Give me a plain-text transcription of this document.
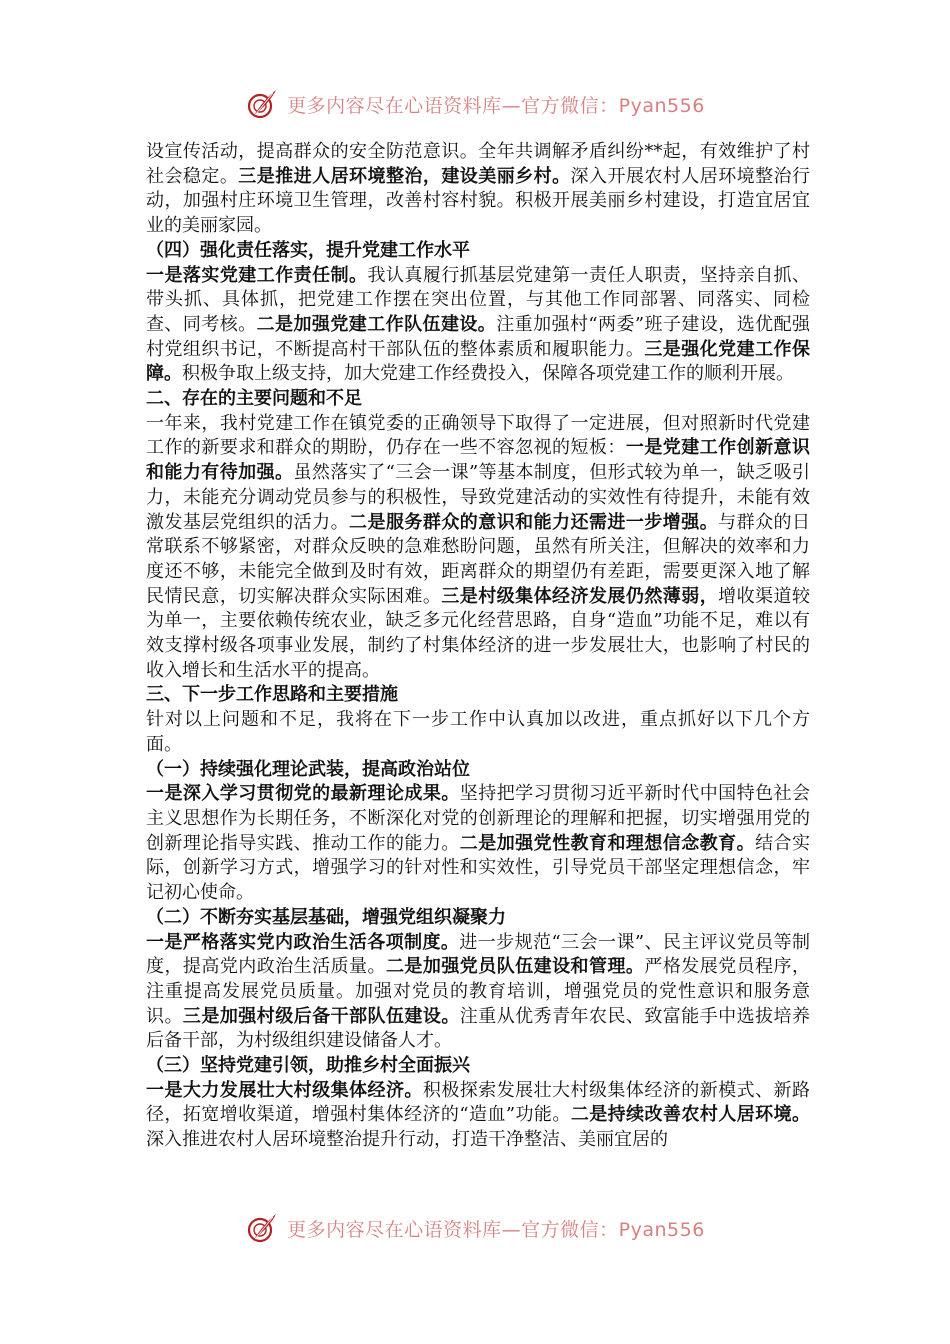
更多内容尽在心语资料库—官方微信：Pyan556

设宣传活动，提高群众的安全防范意识。全年共调解矛盾纠纷**起，有效维护了村社会稳定。三是推进人居环境整治，建设美丽乡村。深入开展农村人居环境整治行动，加强村庄环境卫生管理，改善村容村貌。积极开展美丽乡村建设，打造宜居宜业的美丽家园。

（四）强化责任落实，提升党建工作水平

一是落实党建工作责任制。我认真履行抓基层党建第一责任人职责，坚持亲自抓、带头抓、具体抓，把党建工作摆在突出位置，与其他工作同部署、同落实、同检查、同考核。二是加强党建工作队伍建设。注重加强村“两委”班子建设，选优配强村党组织书记，不断提高村干部队伍的整体素质和履职能力。三是强化党建工作保障。积极争取上级支持，加大党建工作经费投入，保障各项党建工作的顺利开展。

二、存在的主要问题和不足

一年来，我村党建工作在镇党委的正确领导下取得了一定进展，但对照新时代党建工作的新要求和群众的期盼，仍存在一些不容忽视的短板：一是党建工作创新意识和能力有待加强。虽然落实了“三会一课”等基本制度，但形式较为单一，缺乏吸引力，未能充分调动党员参与的积极性，导致党建活动的实效性有待提升，未能有效激发基层党组织的活力。二是服务群众的意识和能力还需进一步增强。与群众的日常联系不够紧密，对群众反映的急难愁盼问题，虽然有所关注，但解决的效率和力度还不够，未能完全做到及时有效，距离群众的期望仍有差距，需要更深入地了解民情民意，切实解决群众实际困难。三是村级集体经济发展仍然薄弱，增收渠道较为单一，主要依赖传统农业，缺乏多元化经营思路，自身“造血”功能不足，难以有效支撑村级各项事业发展，制约了村集体经济的进一步发展壮大，也影响了村民的收入增长和生活水平的提高。

三、下一步工作思路和主要措施

针对以上问题和不足，我将在下一步工作中认真加以改进，重点抓好以下几个方面。

（一）持续强化理论武装，提高政治站位

一是深入学习贯彻党的最新理论成果。坚持把学习贯彻习近平新时代中国特色社会主义思想作为长期任务，不断深化对党的创新理论的理解和把握，切实增强用党的创新理论指导实践、推动工作的能力。二是加强党性教育和理想信念教育。结合实际，创新学习方式，增强学习的针对性和实效性，引导党员干部坚定理想信念，牢记初心使命。

（二）不断夯实基层基础，增强党组织凝聚力

一是严格落实党内政治生活各项制度。进一步规范“三会一课”、民主评议党员等制度，提高党内政治生活质量。二是加强党员队伍建设和管理。严格发展党员程序，注重提高发展党员质量。加强对党员的教育培训，增强党员的党性意识和服务意识。三是加强村级后备干部队伍建设。注重从优秀青年农民、致富能手中选拔培养后备干部，为村级组织建设储备人才。

（三）坚持党建引领，助推乡村全面振兴

一是大力发展壮大村级集体经济。积极探索发展壮大村级集体经济的新模式、新路径，拓宽增收渠道，增强村集体经济的“造血”功能。二是持续改善农村人居环境。深入推进农村人居环境整治提升行动，打造干净整洁、美丽宜居的

更多内容尽在心语资料库—官方微信：Pyan556
